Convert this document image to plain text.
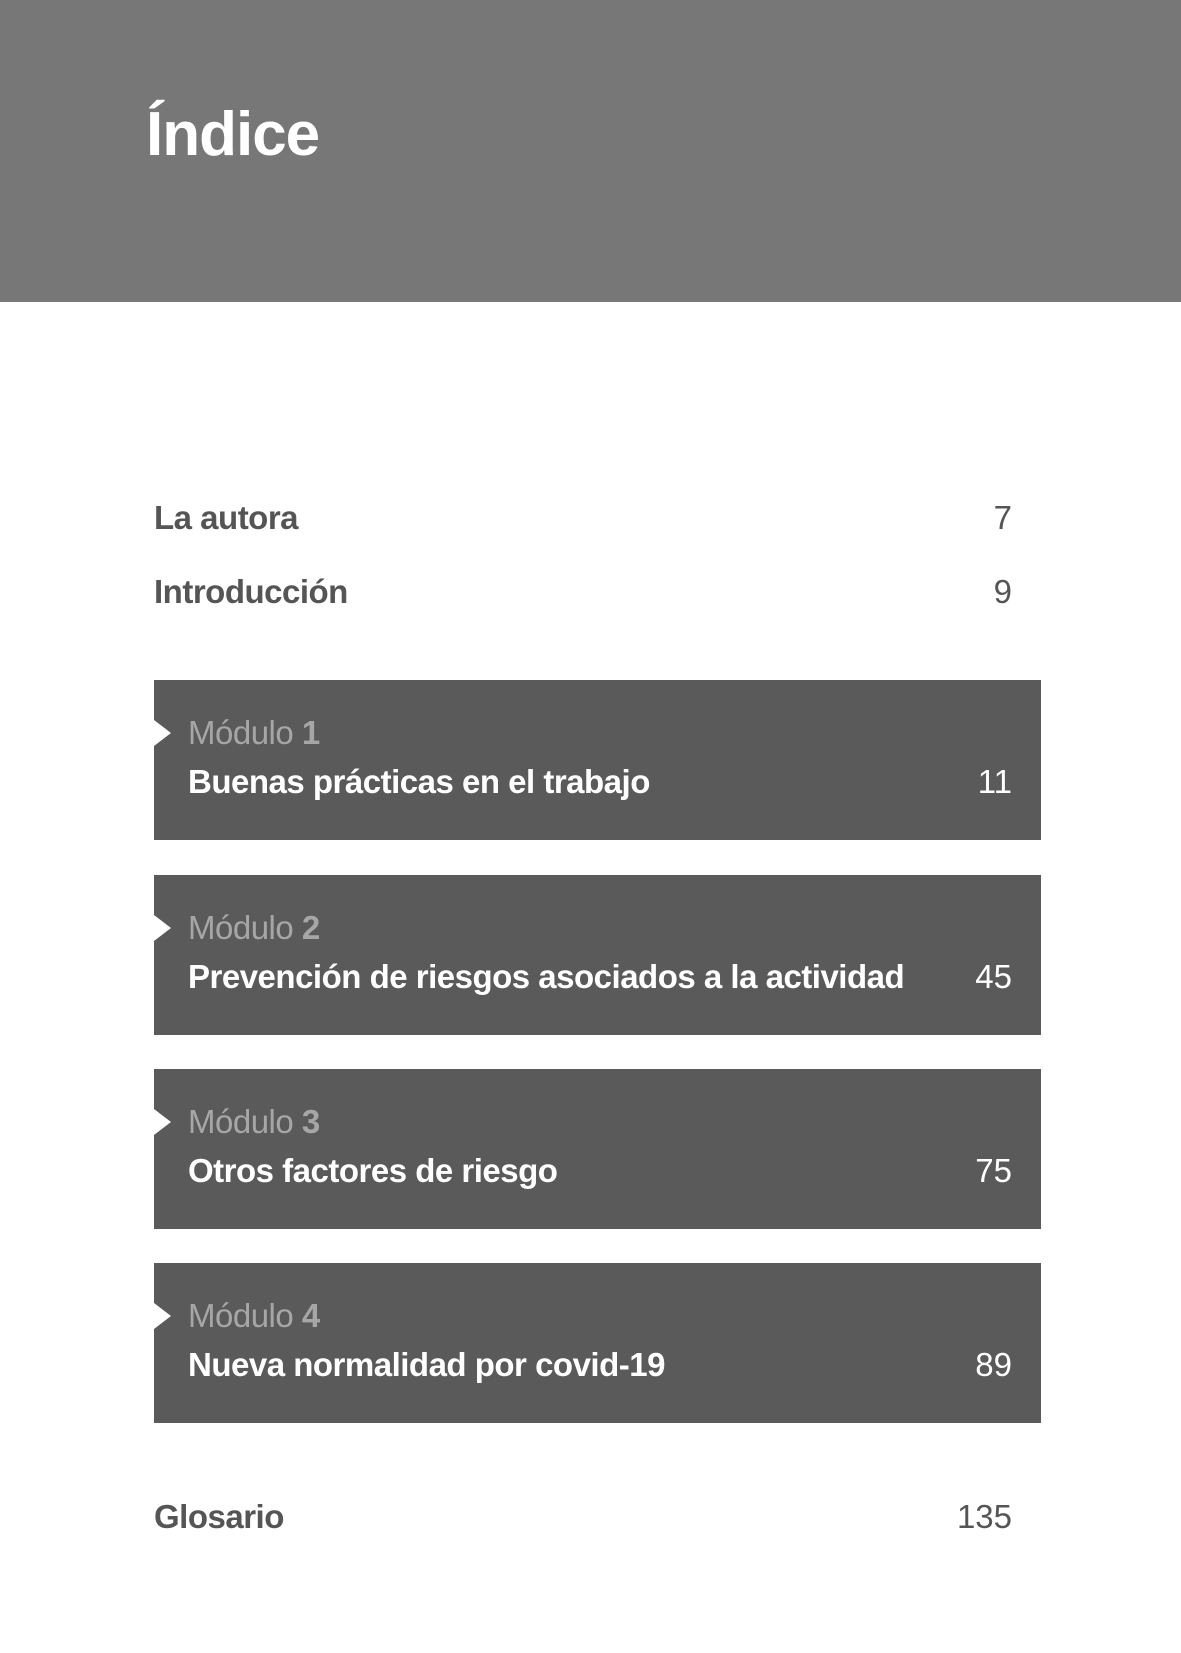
Índice
La autora	7
Introducción	9
Módulo 1
Buenas prácticas en el trabajo	11
Módulo 2
Prevención de riesgos asociados a la actividad 45
Módulo 3
Otros factores de riesgo	75
Módulo 4
Nueva normalidad por covid-19	89
Glosario	135
